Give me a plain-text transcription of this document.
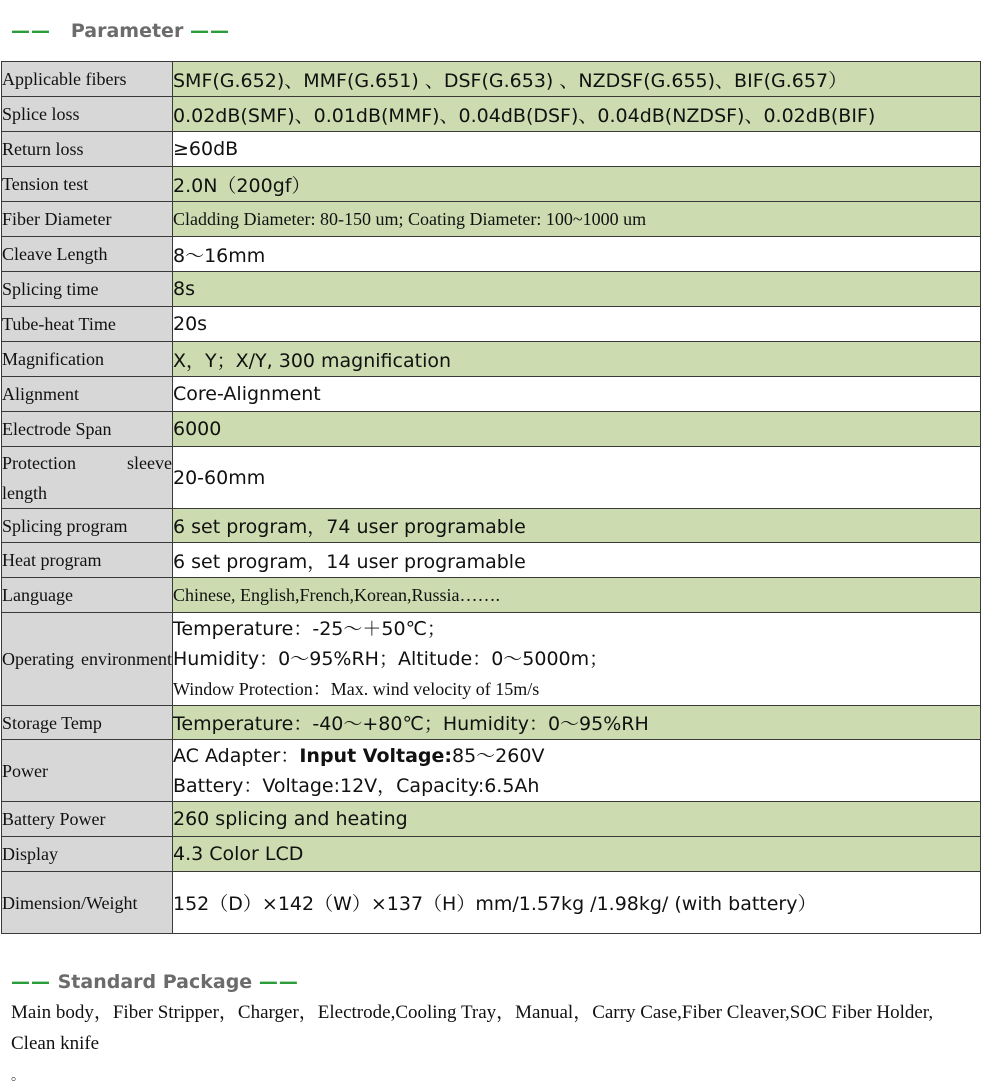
—— Parameter ——
Applicable fibers	SMF(G.652)、MMF(G.651) 、DSF(G.653) 、NZDSF(G.655)、BIF(G.657）
Splice loss	0.02dB(SMF)、0.01dB(MMF)、0.04dB(DSF)、0.04dB(NZDSF)、0.02dB(BIF)
Return loss	≥60dB
Tension test	2.0N（200gf）
Fiber Diameter	Cladding Diameter: 80-150 um; Coating Diameter: 100~1000 um
Cleave Length	8～16mm
Splicing time	8s
Tube-heat Time	20s
Magnification	X，Y；X/Y, 300 magnification
Alignment	Core-Alignment
Electrode Span	6000
Protection sleeve length	20-60mm
Splicing program	6 set program，74 user programable
Heat program	6 set program，14 user programable
Language	Chinese, English,French,Korean,Russia…….
Operating environment	Temperature：-25～＋50℃；
Humidity：0～95%RH；Altitude：0～5000m；
Window Protection：Max. wind velocity of 15m/s

Storage Temp	Temperature：-40～+80℃；Humidity：0～95%RH
Power	AC Adapter：Input Voltage:85～260V
Battery：Voltage:12V，Capacity:6.5Ah

Battery Power	260 splicing and heating
Display	4.3 Color LCD
Dimension/Weight	152（D）×142（W）×137（H）mm/1.57kg /1.98kg/ (with battery）
—— Standard Package ——
Main body，Fiber Stripper，Charger，Electrode,Cooling Tray，Manual，Carry Case,Fiber Cleaver,SOC Fiber Holder, Clean knife
。
